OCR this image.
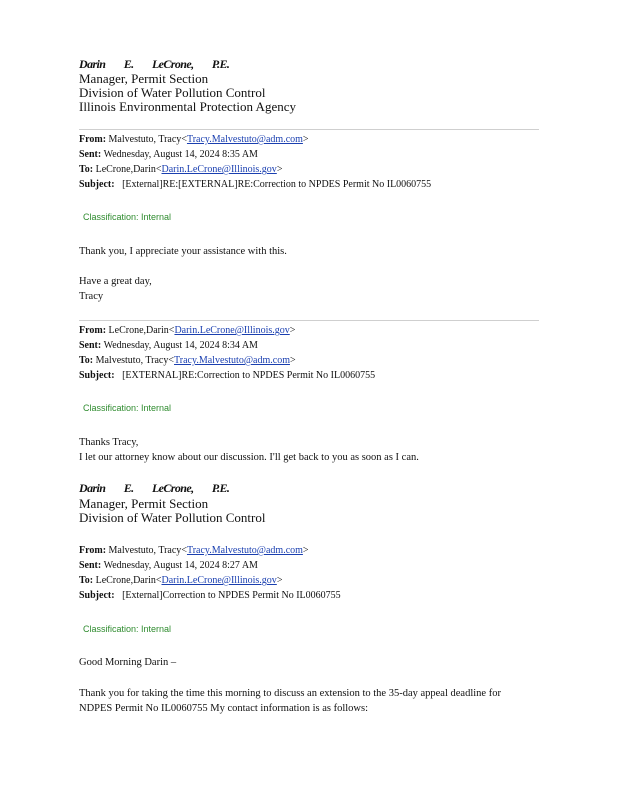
Darin E. LeCrone, P.E.
Manager, Permit Section
Division of Water Pollution Control
Illinois Environmental Protection Agency
From: Malvestuto, Tracy<Tracy.Malvestuto@adm.com>
Sent: Wednesday, August 14, 2024 8:35 AM
To: LeCrone,Darin<Darin.LeCrone@Illinois.gov>
Subject: [External]RE:[EXTERNAL]RE:Correction to NPDES Permit No IL0060755
Classification: Internal
Thank you, I appreciate your assistance with this.
Have a great day,
Tracy
From: LeCrone,Darin<Darin.LeCrone@Illinois.gov>
Sent: Wednesday, August 14, 2024 8:34 AM
To: Malvestuto, Tracy<Tracy.Malvestuto@adm.com>
Subject: [EXTERNAL]RE:Correction to NPDES Permit No IL0060755
Classification: Internal
Thanks Tracy,
I let our attorney know about our discussion. I'll get back to you as soon as I can.
Darin E. LeCrone, P.E.
Manager, Permit Section
Division of Water Pollution Control
From: Malvestuto, Tracy<Tracy.Malvestuto@adm.com>
Sent: Wednesday, August 14, 2024 8:27 AM
To: LeCrone,Darin<Darin.LeCrone@Illinois.gov>
Subject: [External]Correction to NPDES Permit No IL0060755
Classification: Internal
Good Morning Darin –
Thank you for taking the time this morning to discuss an extension to the 35-day appeal deadline for
NDPES Permit No IL0060755 My contact information is as follows:
